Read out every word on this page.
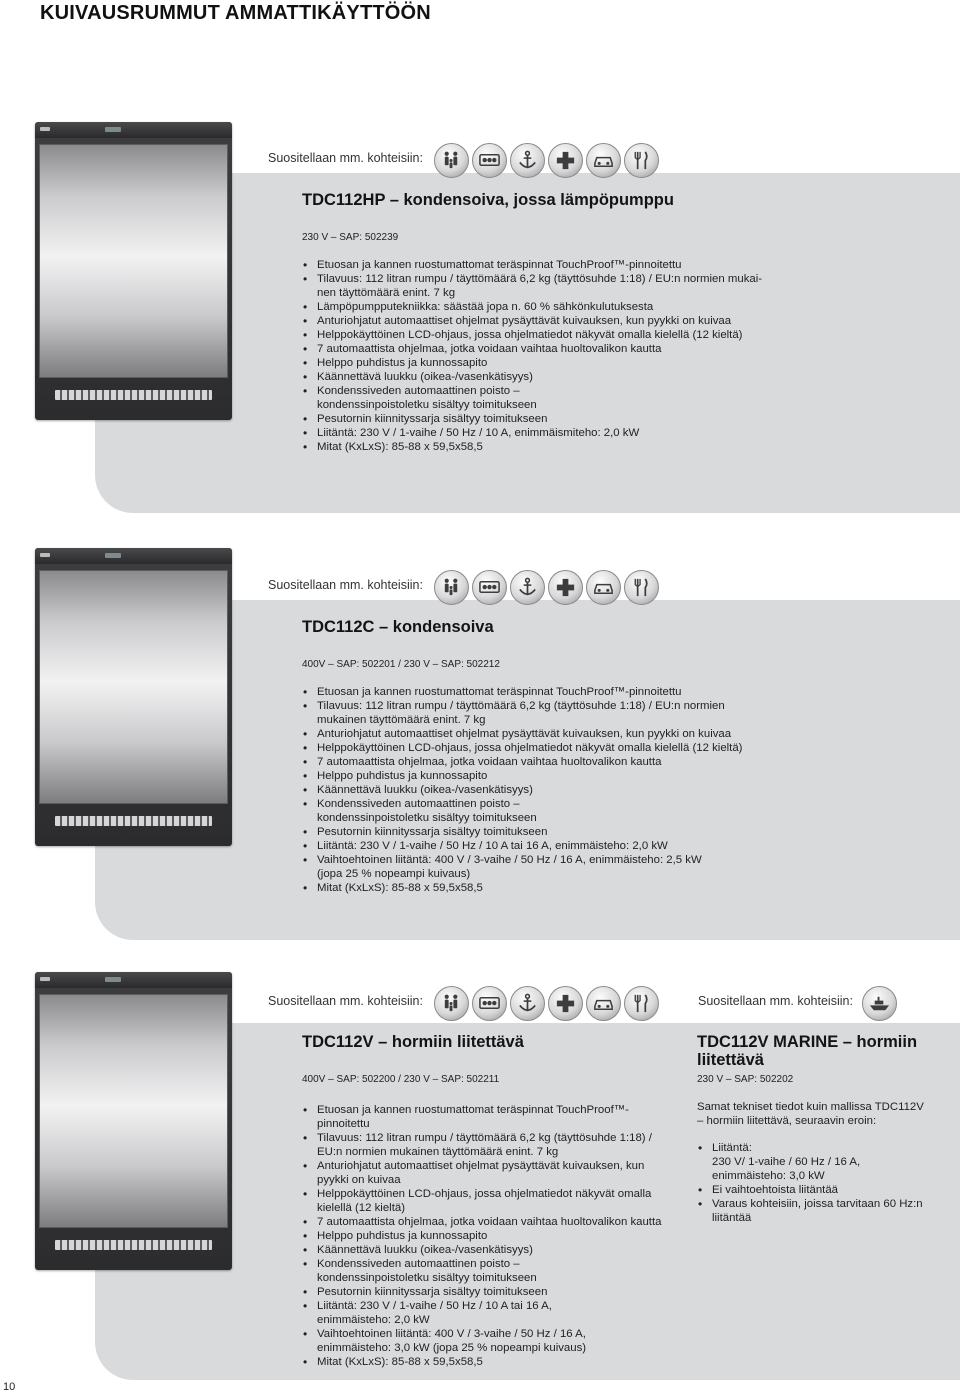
KUIVAUSRUMMUT AMMATTIKÄYTTÖÖN
Suositellaan mm. kohteisiin:
TDC112HP – kondensoiva, jossa lämpöpumppu
230 V – SAP: 502239
• Etuosan ja kannen ruostumattomat teräspinnat TouchProof™-pinnoitettu
• Tilavuus: 112 litran rumpu / täyttömäärä 6,2 kg (täyttösuhde 1:18) / EU:n normien mukai-
nen täyttömäärä enint. 7 kg
• Lämpöpumpputekniikka: säästää jopa n. 60 % sähkönkulutuksesta
• Anturiohjatut automaattiset ohjelmat pysäyttävät kuivauksen, kun pyykki on kuivaa
• Helppokäyttöinen LCD-ohjaus, jossa ohjelmatiedot näkyvät omalla kielellä (12 kieltä)
• 7 automaattista ohjelmaa, jotka voidaan vaihtaa huoltovalikon kautta
• Helppo puhdistus ja kunnossapito
• Käännettävä luukku (oikea-/vasenkätisyys)
• Kondenssiveden automaattinen poisto –
kondenssinpoistoletku sisältyy toimitukseen
• Pesutornin kiinnityssarja sisältyy toimitukseen
• Liitäntä: 230 V / 1-vaihe / 50 Hz / 10 A, enimmäismiteho: 2,0 kW
• Mitat (KxLxS): 85-88 x 59,5x58,5
Suositellaan mm. kohteisiin:
TDC112C – kondensoiva
400V – SAP: 502201 / 230 V – SAP: 502212
• Etuosan ja kannen ruostumattomat teräspinnat TouchProof™-pinnoitettu
• Tilavuus: 112 litran rumpu / täyttömäärä 6,2 kg (täyttösuhde 1:18) / EU:n normien
mukainen täyttömäärä enint. 7 kg
• Anturiohjatut automaattiset ohjelmat pysäyttävät kuivauksen, kun pyykki on kuivaa
• Helppokäyttöinen LCD-ohjaus, jossa ohjelmatiedot näkyvät omalla kielellä (12 kieltä)
• 7 automaattista ohjelmaa, jotka voidaan vaihtaa huoltovalikon kautta
• Helppo puhdistus ja kunnossapito
• Käännettävä luukku (oikea-/vasenkätisyys)
• Kondenssiveden automaattinen poisto –
kondenssinpoistoletku sisältyy toimitukseen
• Pesutornin kiinnityssarja sisältyy toimitukseen
• Liitäntä: 230 V / 1-vaihe / 50 Hz / 10 A tai 16 A, enimmäisteho: 2,0 kW
• Vaihtoehtoinen liitäntä: 400 V / 3-vaihe / 50 Hz / 16 A, enimmäisteho: 2,5 kW
(jopa 25 % nopeampi kuivaus)
• Mitat (KxLxS): 85-88 x 59,5x58,5
Suositellaan mm. kohteisiin:
TDC112V – hormiin liitettävä
400V – SAP: 502200 / 230 V – SAP: 502211
• Etuosan ja kannen ruostumattomat teräspinnat TouchProof™-
pinnoitettu
• Tilavuus: 112 litran rumpu / täyttömäärä 6,2 kg (täyttösuhde 1:18) /
EU:n normien mukainen täyttömäärä enint. 7 kg
• Anturiohjatut automaattiset ohjelmat pysäyttävät kuivauksen, kun
pyykki on kuivaa
• Helppokäyttöinen LCD-ohjaus, jossa ohjelmatiedot näkyvät omalla
kielellä (12 kieltä)
• 7 automaattista ohjelmaa, jotka voidaan vaihtaa huoltovalikon kautta
• Helppo puhdistus ja kunnossapito
• Käännettävä luukku (oikea-/vasenkätisyys)
• Kondenssiveden automaattinen poisto –
kondenssinpoistoletku sisältyy toimitukseen
• Pesutornin kiinnityssarja sisältyy toimitukseen
• Liitäntä: 230 V / 1-vaihe / 50 Hz / 10 A tai 16 A,
enimmäisteho: 2,0 kW
• Vaihtoehtoinen liitäntä: 400 V / 3-vaihe / 50 Hz / 16 A,
enimmäisteho: 3,0 kW (jopa 25 % nopeampi kuivaus)
• Mitat (KxLxS): 85-88 x 59,5x58,5
Suositellaan mm. kohteisiin:
TDC112V MARINE – hormiin
liitettävä
230 V – SAP: 502202
Samat tekniset tiedot kuin mallissa TDC112V
– hormiin liitettävä, seuraavin eroin:
• Liitäntä:
230 V/ 1-vaihe / 60 Hz / 16 A,
enimmäisteho: 3,0 kW
• Ei vaihtoehtoista liitäntää
• Varaus kohteisiin, joissa tarvitaan 60 Hz:n
liitäntää
10
